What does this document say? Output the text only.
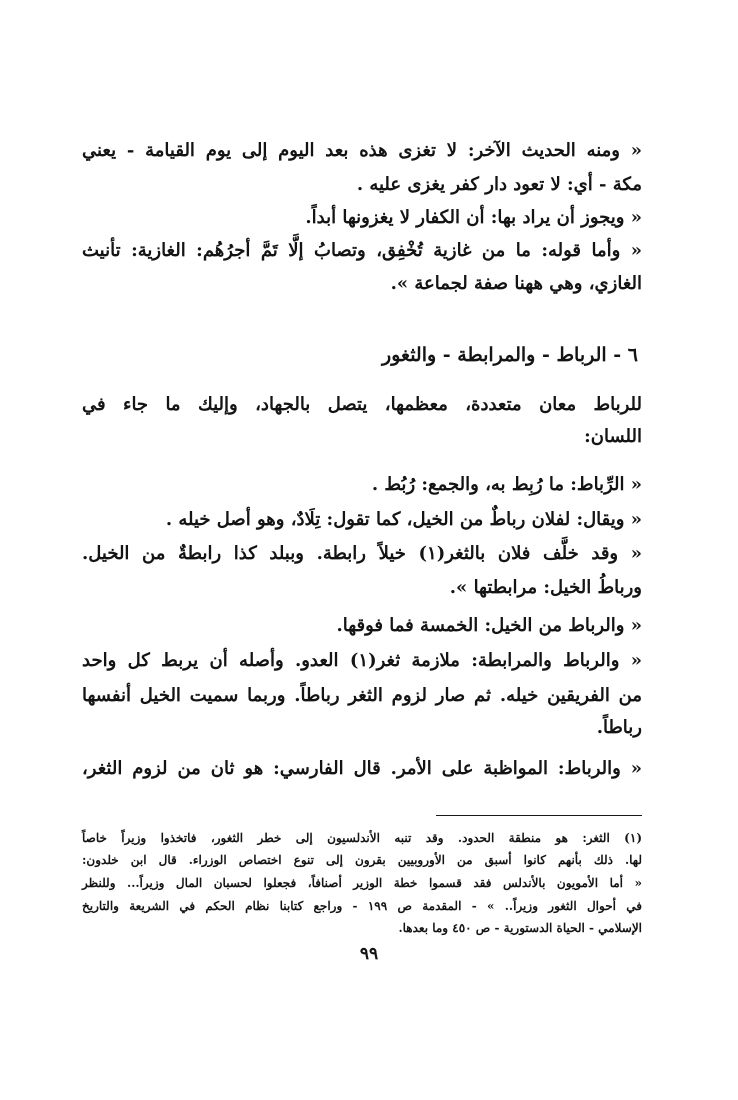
« ومنه الحديث الآخر: لا تغزى هذه بعد اليوم إلى يوم القيامة - يعني
مكة - أي: لا تعود دار كفر يغزى عليه .
« ويجوز أن يراد بها: أن الكفار لا يغزونها أبداً.
« وأما قوله: ما من غازية تُخْفِق، وتصابُ إلَّا تَمَّ أجرُهُم: الغازية: تأنيث
الغازي، وهي ههنا صفة لجماعة ».
٦ - الرباط - والمرابطة - والثغور
للرباط معان متعددة، معظمها، يتصل بالجهاد، وإليك ما جاء في
اللسان:
« الرِّباط: ما رُبِط به، والجمع: رُبُط .
« ويقال: لفلان رباطٌ من الخيل، كما تقول: تِلَادٌ، وهو أصل خيله .
« وقد خلَّف فلان بالثغر(١) خيلاً رابطة. وببلد كذا رابطةٌ من الخيل.
ورباطُ الخيل: مرابطتها ».
« والرباط من الخيل: الخمسة فما فوقها.
« والرباط والمرابطة: ملازمة ثغر(١) العدو. وأصله أن يربط كل واحد
من الفريقين خيله. ثم صار لزوم الثغر رباطاً. وربما سميت الخيل أنفسها
رباطاً.
« والرباط: المواظبة على الأمر. قال الفارسي: هو ثان من لزوم الثغر،
(١) الثغر: هو منطقة الحدود. وقد تنبه الأندلسيون إلى خطر الثغور، فاتخذوا وزيراً خاصاً
لها. ذلك بأنهم كانوا أسبق من الأوروبيين بقرون إلى تنوع اختصاص الوزراء. قال ابن خلدون:
« أما الأمويون بالأندلس فقد قسموا خطة الوزير أصنافاً، فجعلوا لحسبان المال وزيراً... وللنظر
في أحوال الثغور وزيراً.. » - المقدمة ص ١٩٩ - وراجع كتابنا نظام الحكم في الشريعة والتاريخ
الإسلامي - الحياة الدستورية - ص ٤٥٠ وما بعدها.
٩٩
